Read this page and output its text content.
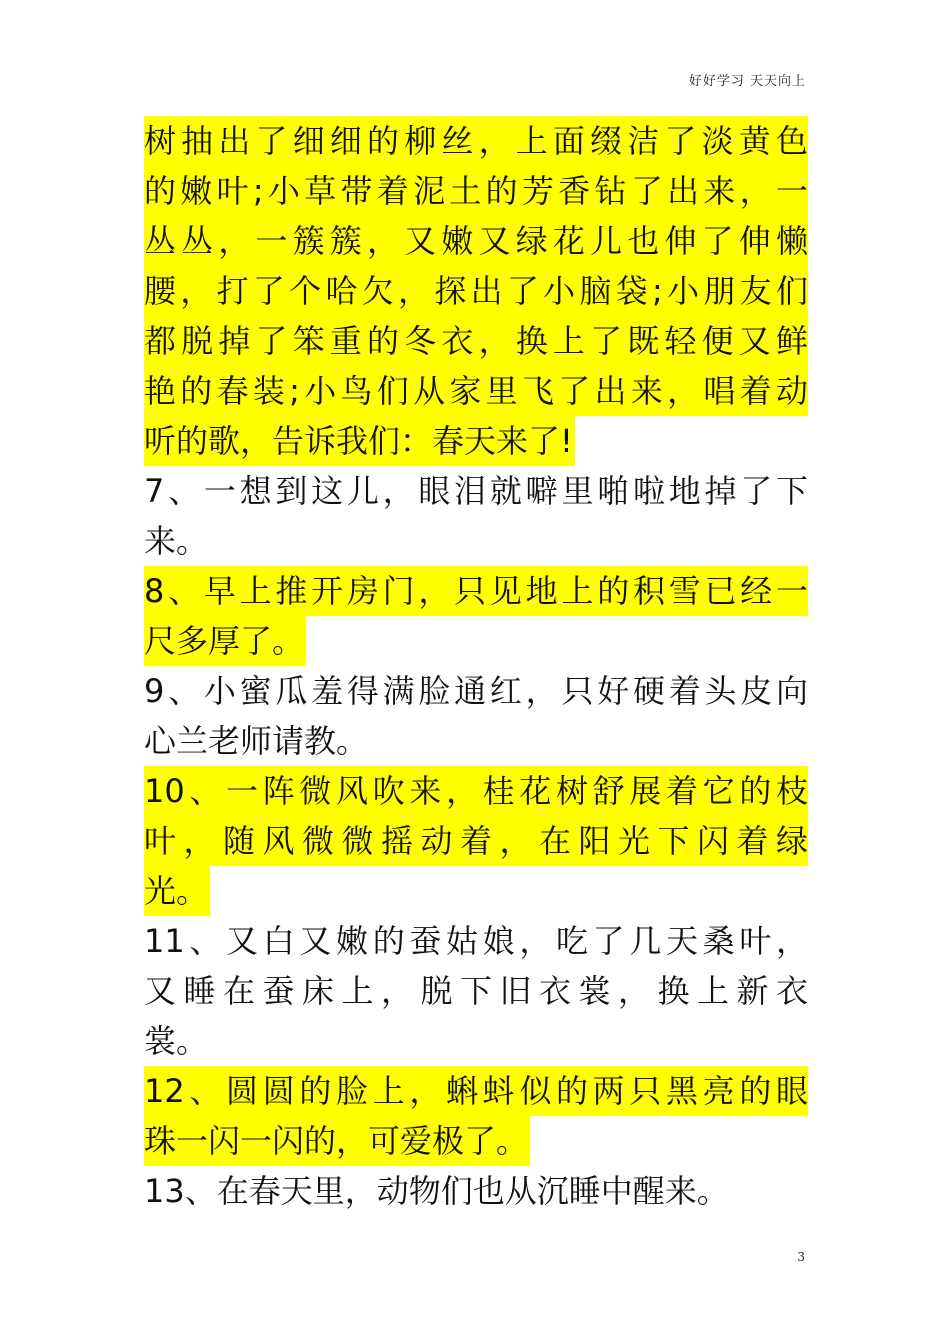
好好学习 天天向上
树抽出了细细的柳丝，上面缀洁了淡黄色
的嫩叶;小草带着泥土的芳香钻了出来，一
丛丛，一簇簇，又嫩又绿花儿也伸了伸懒
腰，打了个哈欠，探出了小脑袋;小朋友们
都脱掉了笨重的冬衣，换上了既轻便又鲜
艳的春装;小鸟们从家里飞了出来，唱着动
听的歌，告诉我们：春天来了!
7、一想到这儿，眼泪就噼里啪啦地掉了下
来。
8、早上推开房门，只见地上的积雪已经一
尺多厚了。
9、小蜜瓜羞得满脸通红，只好硬着头皮向
心兰老师请教。
10、一阵微风吹来，桂花树舒展着它的枝
叶，随风微微摇动着，在阳光下闪着绿
光。
11、又白又嫩的蚕姑娘，吃了几天桑叶，
又睡在蚕床上，脱下旧衣裳，换上新衣
裳。
12、圆圆的脸上，蝌蚪似的两只黑亮的眼
珠一闪一闪的，可爱极了。
13、在春天里，动物们也从沉睡中醒来。
3
